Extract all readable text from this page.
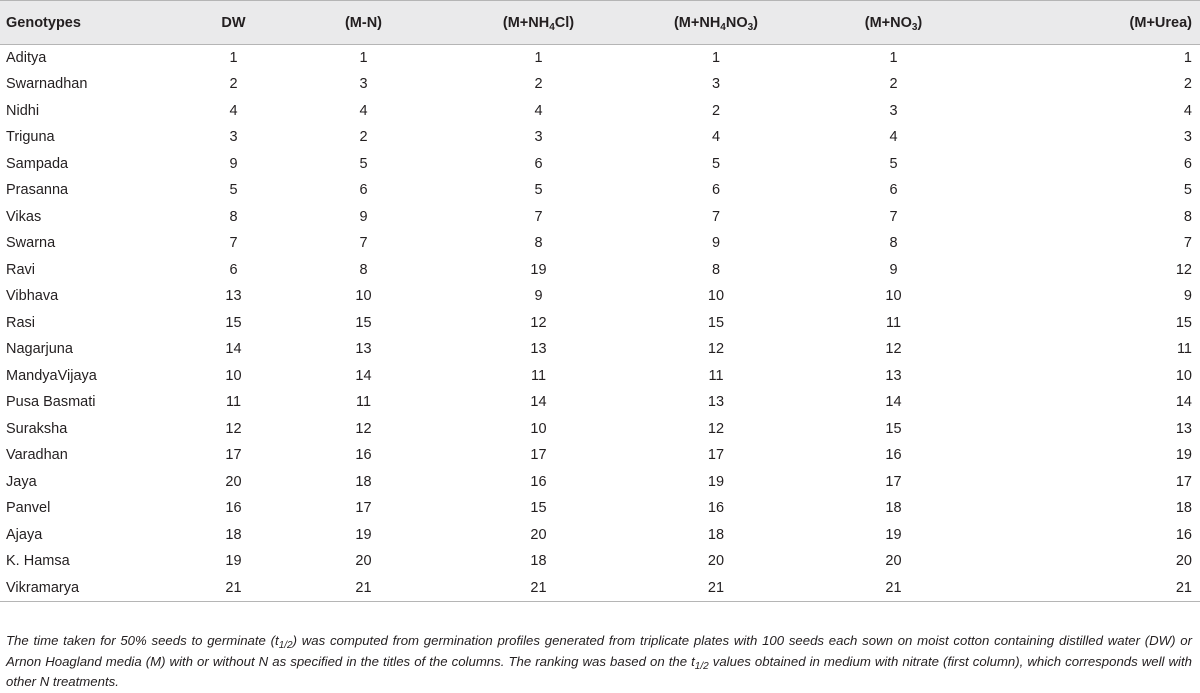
Genotypes	DW	(M-N)	$(M+NH_4Cl)$	$(M+NH_4NO_3)$	$(M+NO_3)$	(M+Urea)
Aditya	1	1	1	1	1	1
Swarnadhan	2	3	2	3	2	2
Nidhi	4	4	4	2	3	4
Triguna	3	2	3	4	4	3
Sampada	9	5	6	5	5	6
Prasanna	5	6	5	6	6	5
Vikas	8	9	7	7	7	8
Swarna	7	7	8	9	8	7
Ravi	6	8	19	8	9	12
Vibhava	13	10	9	10	10	9
Rasi	15	15	12	15	11	15
Nagarjuna	14	13	13	12	12	11
MandyaVijaya	10	14	11	11	13	10
Pusa Basmati	11	11	14	13	14	14
Suraksha	12	12	10	12	15	13
Varadhan	17	16	17	17	16	19
Jaya	20	18	16	19	17	17
Panvel	16	17	15	16	18	18
Ajaya	18	19	20	18	19	16
K. Hamsa	19	20	18	20	20	20
Vikramarya	21	21	21	21	21	21
The time taken for 50% seeds to germinate $(t_{1/2})$ was computed from germination profiles generated from triplicate plates with 100 seeds each sown on moist cotton containing distilled water (DW) or Arnon Hoagland media (M) with or without N as specified in the titles of the columns. The ranking was based on the $t_{1/2}$ values obtained in medium with nitrate (first column), which corresponds well with other N treatments.
